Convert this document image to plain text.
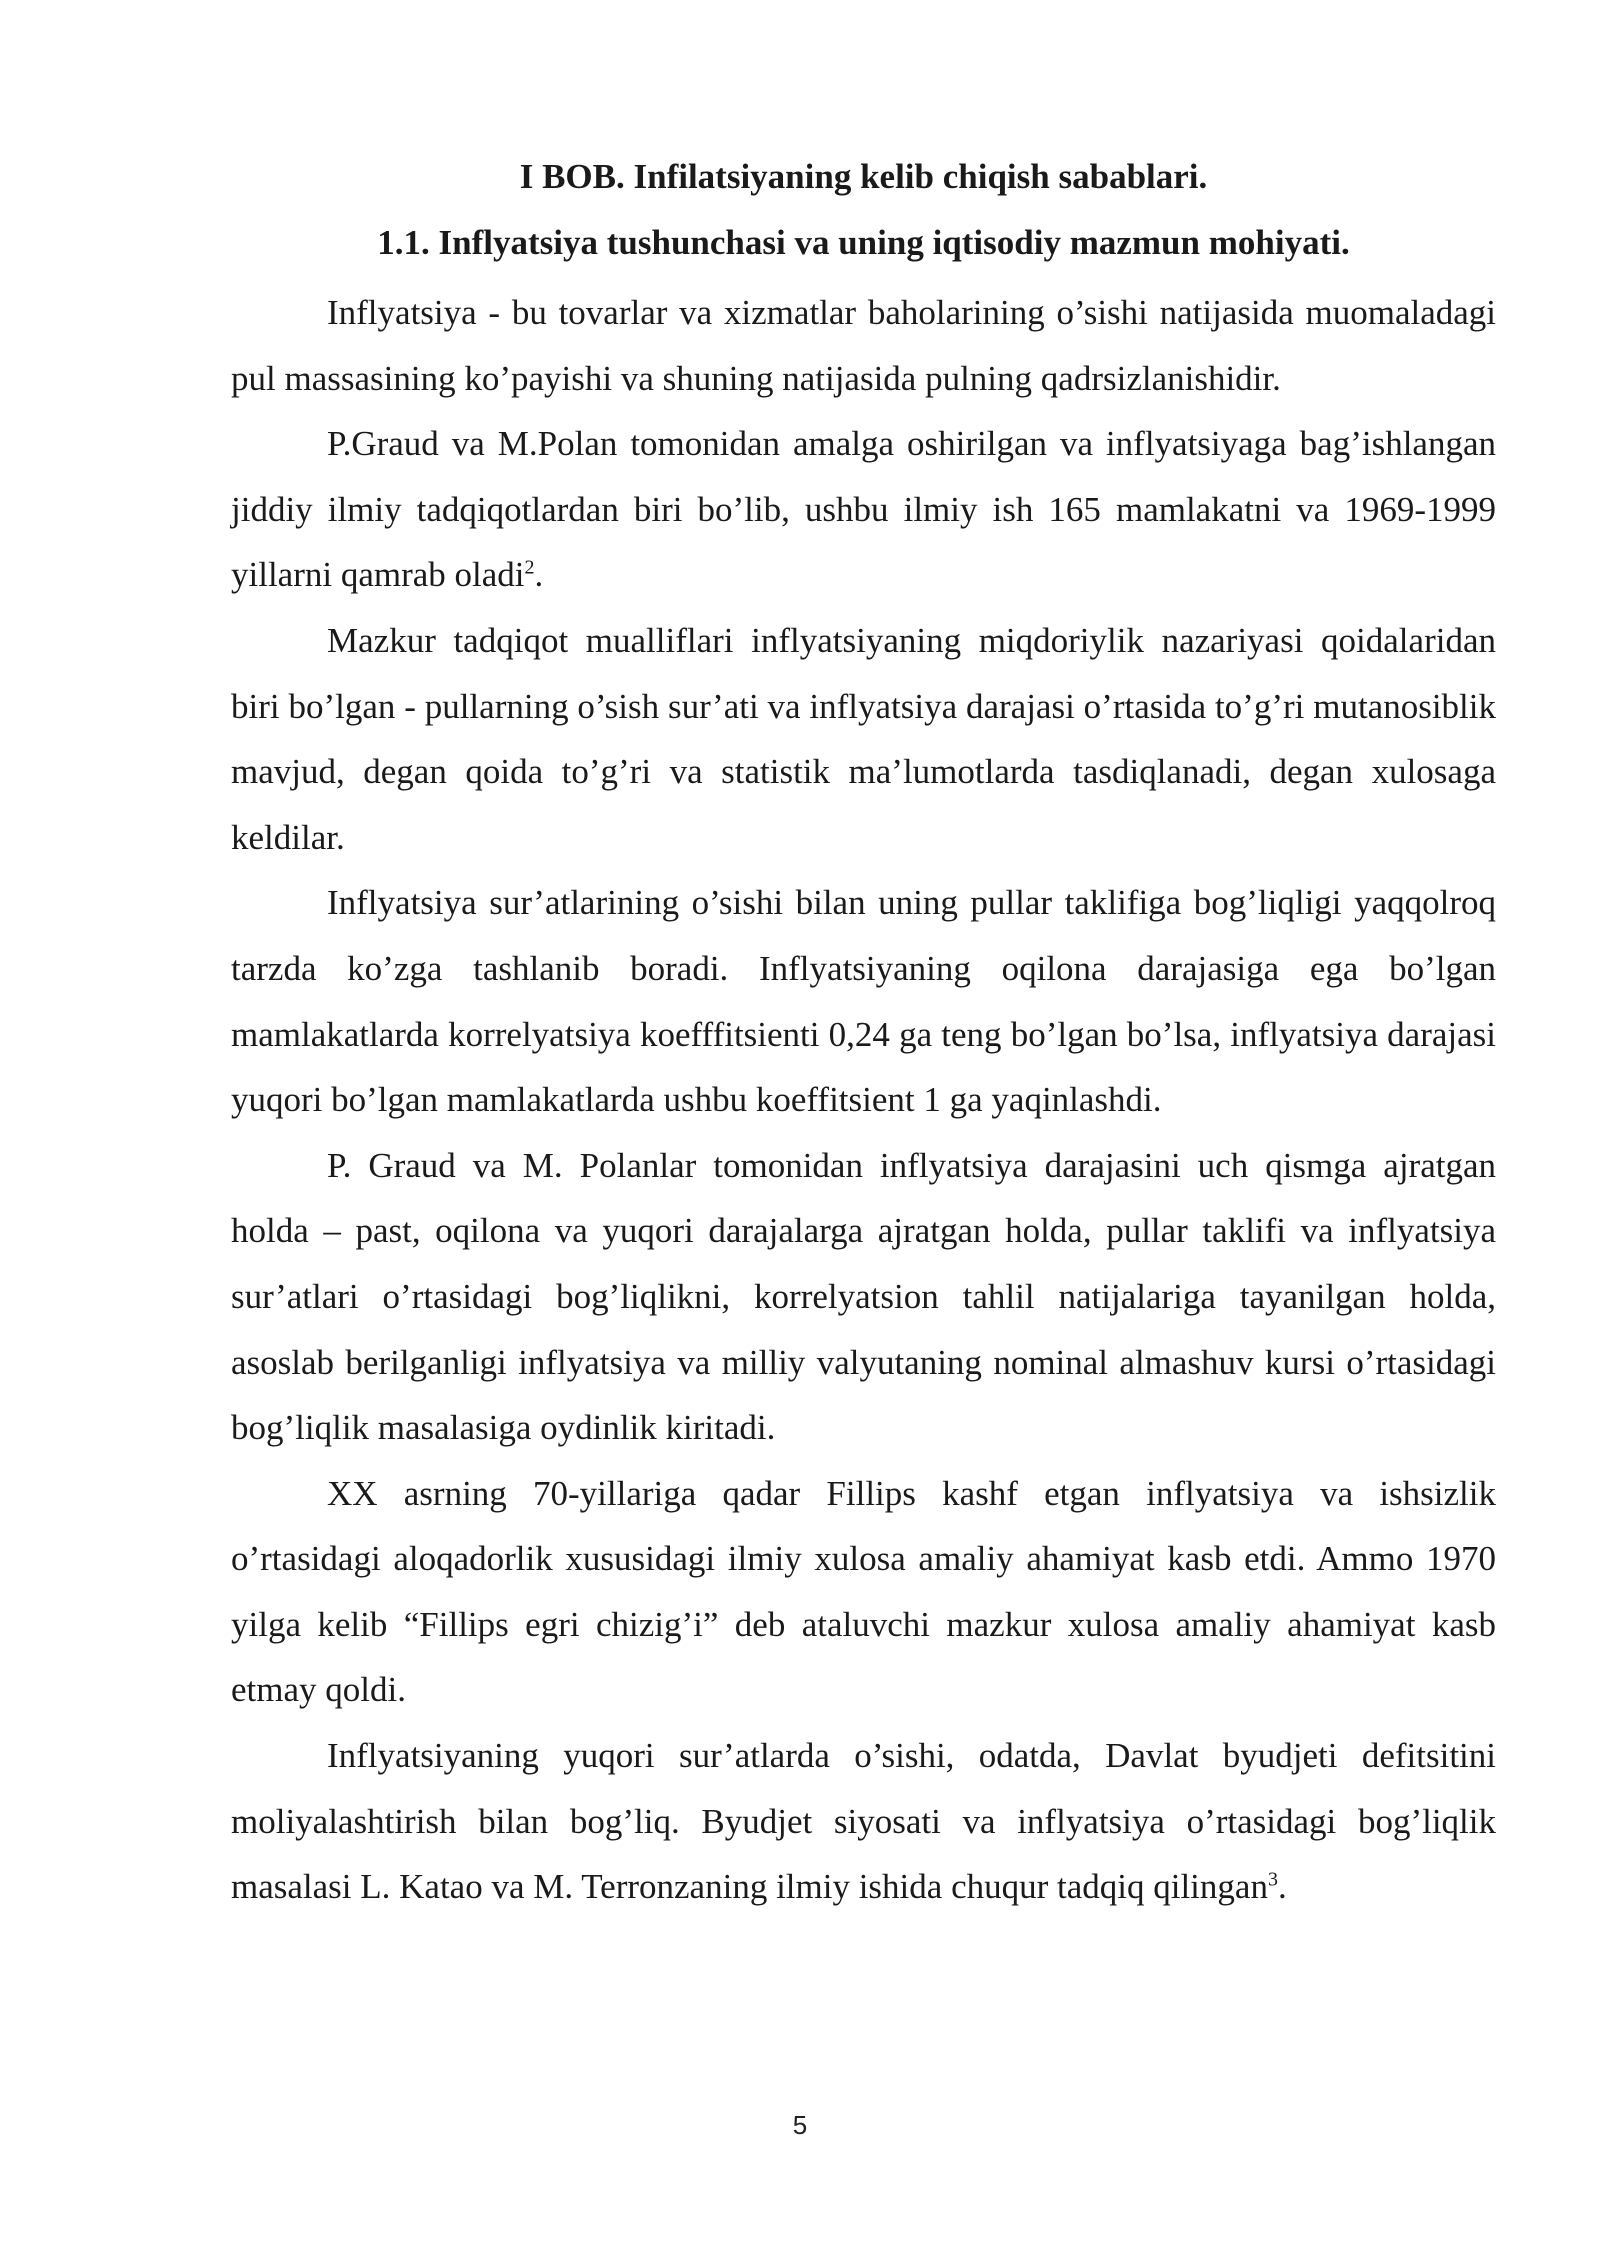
I BOB. Infilatsiyaning kelib chiqish sabablari.
1.1. Inflyatsiya tushunchasi va uning iqtisodiy mazmun mohiyati.

Inflyatsiya - bu tovarlar va xizmatlar baholarining o’sishi natijasida muomaladagi pul massasining ko’payishi va shuning natijasida pulning qadrsizlanishidir.

P.Graud va M.Polan tomonidan amalga oshirilgan va inflyatsiyaga bag’ishlangan jiddiy ilmiy tadqiqotlardan biri bo’lib, ushbu ilmiy ish 165 mamlakatni va 1969-1999 yillarni qamrab oladi$^2$.

Mazkur tadqiqot mualliflari inflyatsiyaning miqdoriylik nazariyasi qoidalaridan biri bo’lgan - pullarning o’sish sur’ati va inflyatsiya darajasi o’rtasida to’g’ri mutanosiblik mavjud, degan qoida to’g’ri va statistik ma’lumotlarda tasdiqlanadi, degan xulosaga keldilar.

Inflyatsiya sur’atlarining o’sishi bilan uning pullar taklifiga bog’liqligi yaqqolroq tarzda ko’zga tashlanib boradi. Inflyatsiyaning oqilona darajasiga ega bo’lgan mamlakatlarda korrelyatsiya koefffitsienti 0,24 ga teng bo’lgan bo’lsa, inflyatsiya darajasi yuqori bo’lgan mamlakatlarda ushbu koeffitsient 1 ga yaqinlashdi.

P. Graud va M. Polanlar tomonidan inflyatsiya darajasini uch qismga ajratgan holda – past, oqilona va yuqori darajalarga ajratgan holda, pullar taklifi va inflyatsiya sur’atlari o’rtasidagi bog’liqlikni, korrelyatsion tahlil natijalariga tayanilgan holda, asoslab berilganligi inflyatsiya va milliy valyutaning nominal almashuv kursi o’rtasidagi bog’liqlik masalasiga oydinlik kiritadi.

XX asrning 70-yillariga qadar Fillips kashf etgan inflyatsiya va ishsizlik o’rtasidagi aloqadorlik xususidagi ilmiy xulosa amaliy ahamiyat kasb etdi. Ammo 1970 yilga kelib “Fillips egri chizig’i” deb ataluvchi mazkur xulosa amaliy ahamiyat kasb etmay qoldi.

Inflyatsiyaning yuqori sur’atlarda o’sishi, odatda, Davlat byudjeti defitsitini moliyalashtirish bilan bog’liq. Byudjet siyosati va inflyatsiya o’rtasidagi bog’liqlik masalasi L. Katao va M. Terronzaning ilmiy ishida chuqur tadqiq qilingan$^3$.

5
